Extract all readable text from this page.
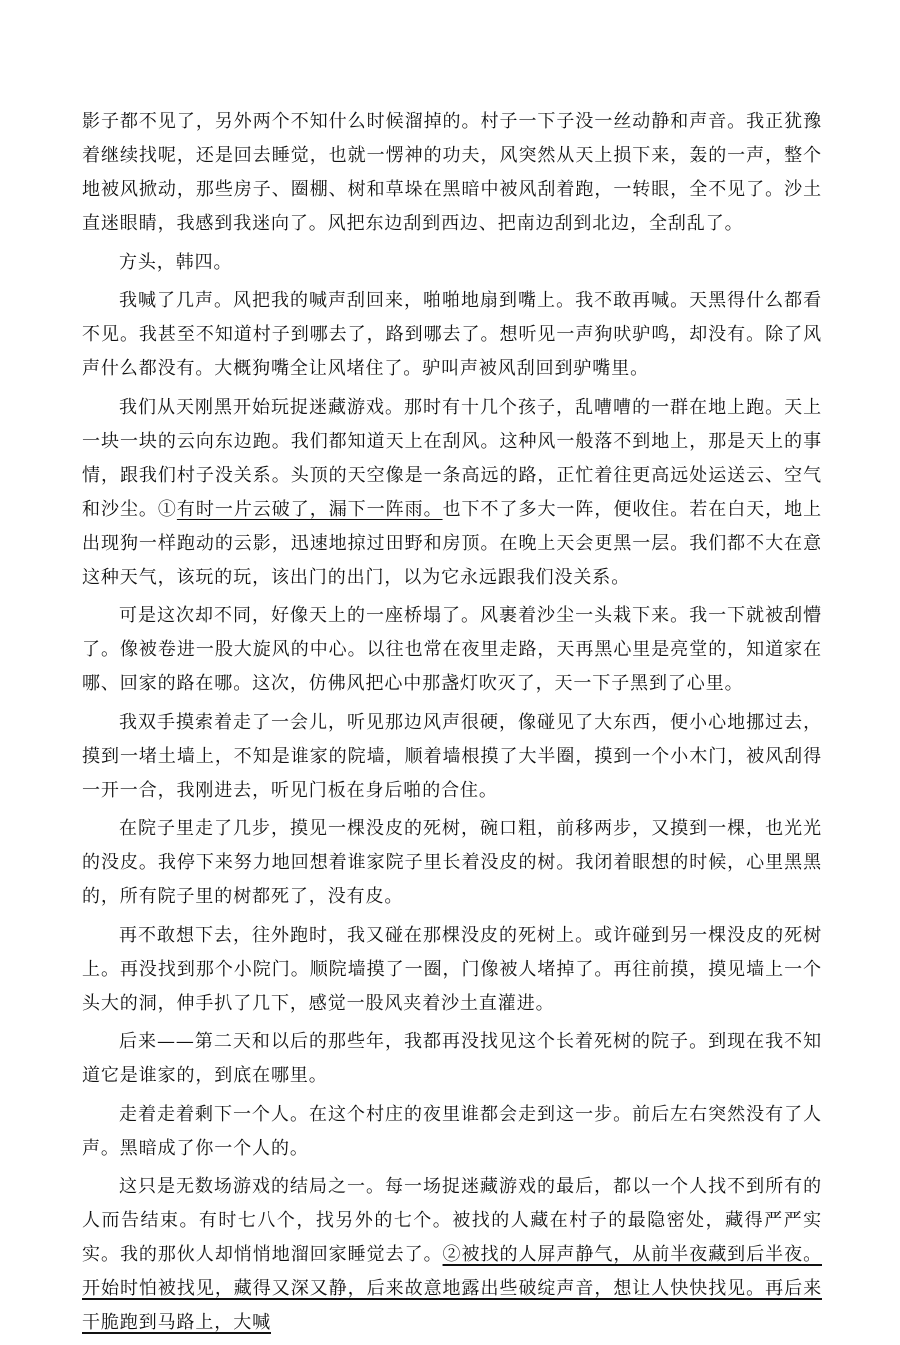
影子都不见了，另外两个不知什么时候溜掉的。村子一下子没一丝动静和声音。我正犹豫着继续找呢，还是回去睡觉，也就一愣神的功夫，风突然从天上损下来，轰的一声，整个地被风掀动，那些房子、圈棚、树和草垛在黑暗中被风刮着跑，一转眼，全不见了。沙土直迷眼睛，我感到我迷向了。风把东边刮到西边、把南边刮到北边，全刮乱了。

方头，韩四。

我喊了几声。风把我的喊声刮回来，啪啪地扇到嘴上。我不敢再喊。天黑得什么都看不见。我甚至不知道村子到哪去了，路到哪去了。想听见一声狗吠驴鸣，却没有。除了风声什么都没有。大概狗嘴全让风堵住了。驴叫声被风刮回到驴嘴里。

我们从天刚黑开始玩捉迷藏游戏。那时有十几个孩子，乱嘈嘈的一群在地上跑。天上一块一块的云向东边跑。我们都知道天上在刮风。这种风一般落不到地上，那是天上的事情，跟我们村子没关系。头顶的天空像是一条高远的路，正忙着往更高远处运送云、空气和沙尘。①有时一片云破了，漏下一阵雨。也下不了多大一阵，便收住。若在白天，地上出现狗一样跑动的云影，迅速地掠过田野和房顶。在晚上天会更黑一层。我们都不大在意这种天气，该玩的玩，该出门的出门，以为它永远跟我们没关系。

可是这次却不同，好像天上的一座桥塌了。风裹着沙尘一头栽下来。我一下就被刮懵了。像被卷进一股大旋风的中心。以往也常在夜里走路，天再黑心里是亮堂的，知道家在哪、回家的路在哪。这次，仿佛风把心中那盏灯吹灭了，天一下子黑到了心里。

我双手摸索着走了一会儿，听见那边风声很硬，像碰见了大东西，便小心地挪过去，摸到一堵土墙上，不知是谁家的院墙，顺着墙根摸了大半圈，摸到一个小木门，被风刮得一开一合，我刚进去，听见门板在身后啪的合住。

在院子里走了几步，摸见一棵没皮的死树，碗口粗，前移两步，又摸到一棵，也光光的没皮。我停下来努力地回想着谁家院子里长着没皮的树。我闭着眼想的时候，心里黑黑的，所有院子里的树都死了，没有皮。

再不敢想下去，往外跑时，我又碰在那棵没皮的死树上。或许碰到另一棵没皮的死树上。再没找到那个小院门。顺院墙摸了一圈，门像被人堵掉了。再往前摸，摸见墙上一个头大的洞，伸手扒了几下，感觉一股风夹着沙土直灌进。

后来——第二天和以后的那些年，我都再没找见这个长着死树的院子。到现在我不知道它是谁家的，到底在哪里。

走着走着剩下一个人。在这个村庄的夜里谁都会走到这一步。前后左右突然没有了人声。黑暗成了你一个人的。

这只是无数场游戏的结局之一。每一场捉迷藏游戏的最后，都以一个人找不到所有的人而告结束。有时七八个，找另外的七个。被找的人藏在村子的最隐密处，藏得严严实实。我的那伙人却悄悄地溜回家睡觉去了。②被找的人屏声静气，从前半夜藏到后半夜。开始时怕被找见，藏得又深又静，后来故意地露出些破绽声音，想让人快快找见。再后来干脆跑到马路上，大喊
